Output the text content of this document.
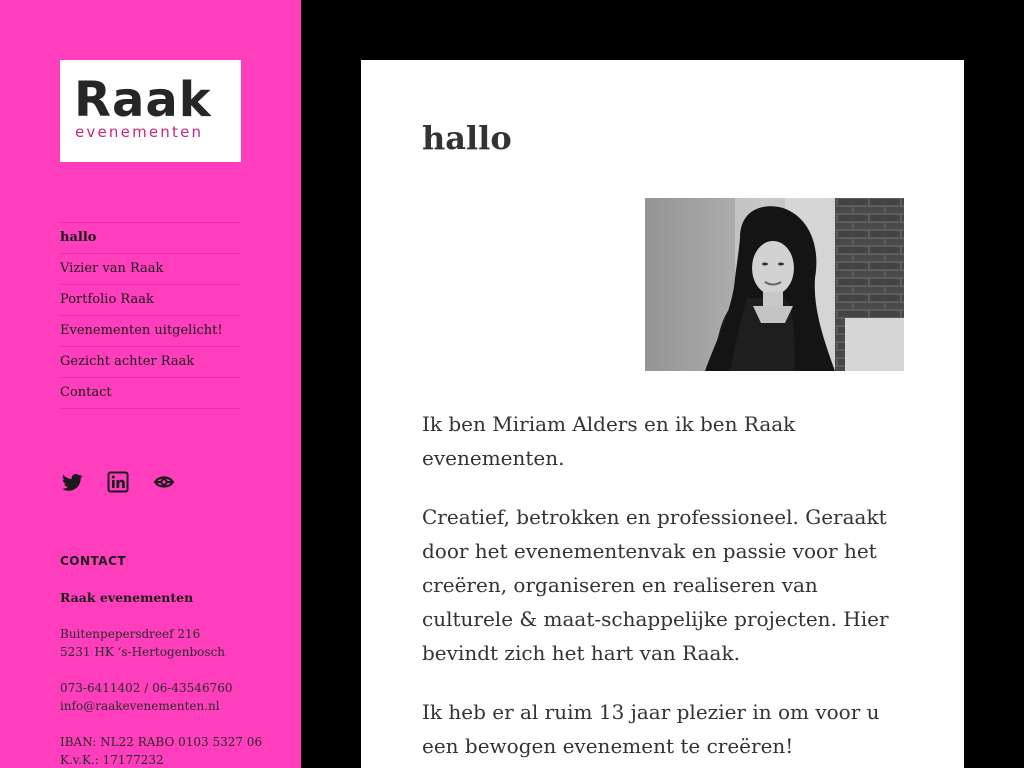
Raak
evenementen
hallo
Vizier van Raak
Portfolio Raak
Evenementen uitgelicht!
Gezicht achter Raak
Contact
CONTACT
Raak evenementen
Buitenpepersdreef 216
5231 HK ‘s-Hertogenbosch
073-6411402 / 06-43546760
info@raakevenementen.nl
IBAN: NL22 RABO 0103 5327 06
K.v.K.: 17177232
hallo

Ik ben Miriam Alders en ik ben Raak evenementen.

Creatief, betrokken en professioneel. Geraakt door het evenementenvak en passie voor het creëren, organiseren en realiseren van culturele & maat-schappelijke projecten. Hier bevindt zich het hart van Raak.

Ik heb er al ruim 13 jaar plezier in om voor u een bewogen evenement te creëren!
